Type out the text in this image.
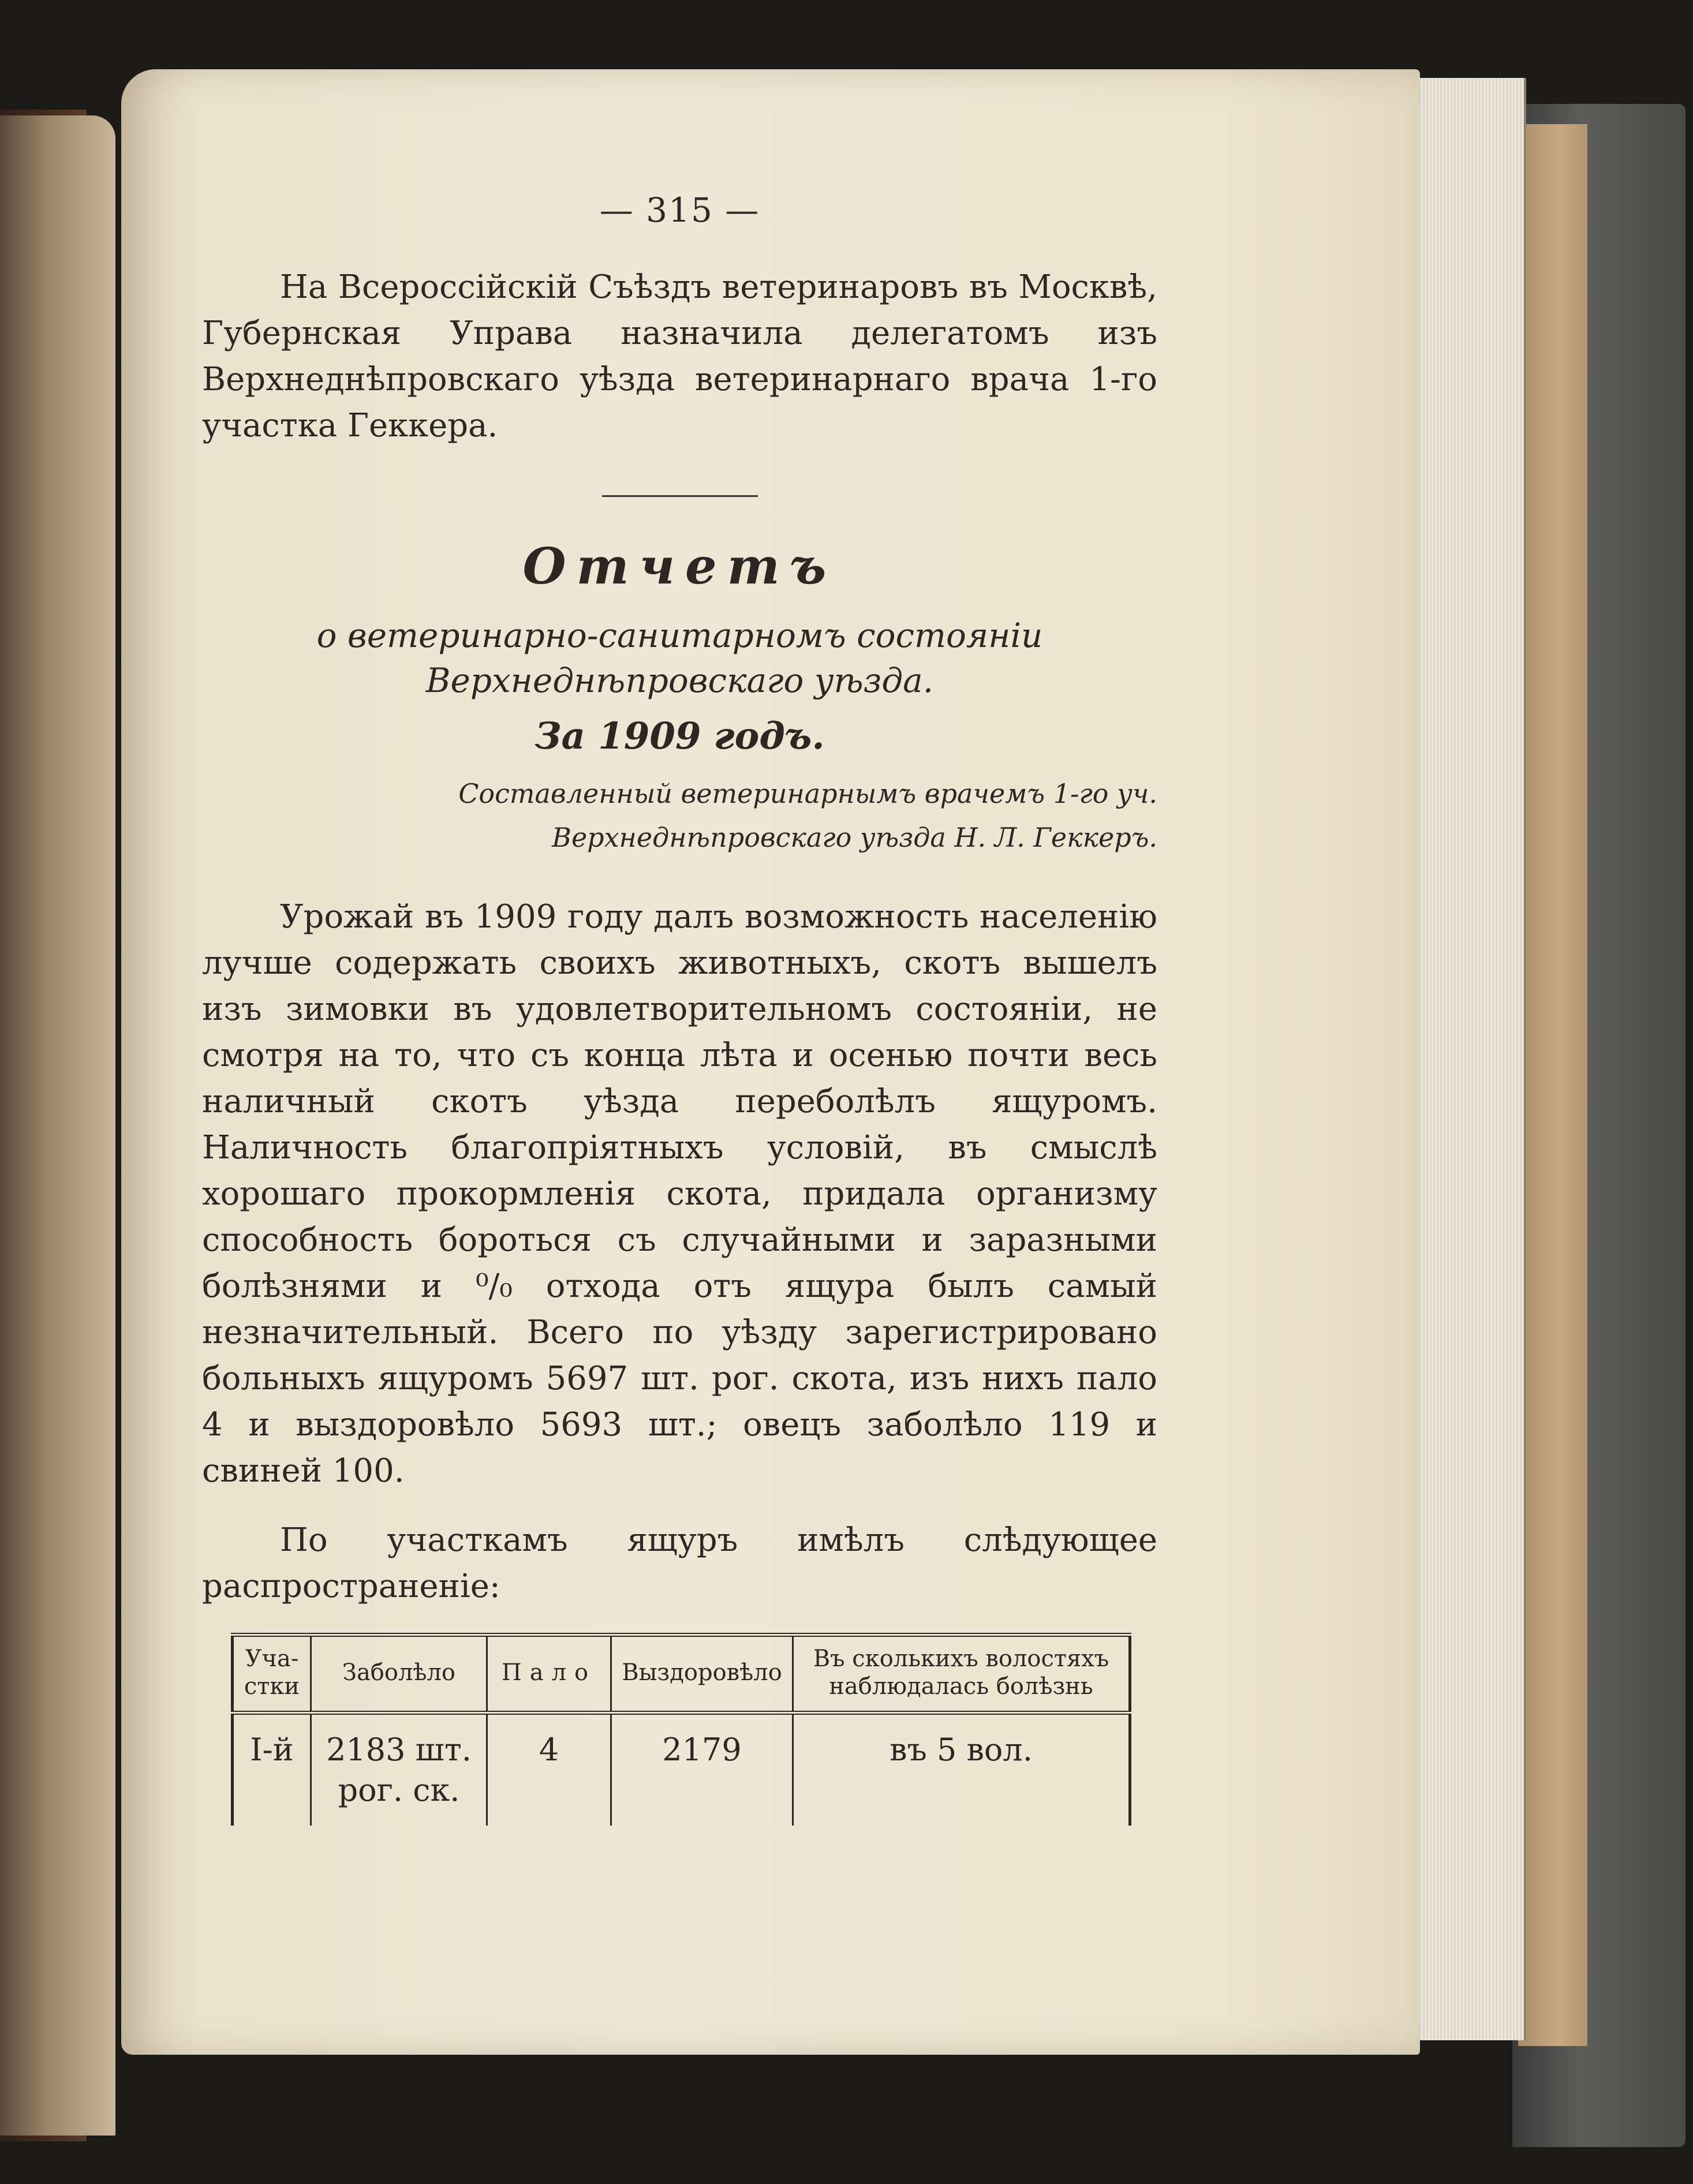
— 315 —

На Всероссійскій Съѣздъ ветеринаровъ въ Москвѣ, Губернская Управа назначила делегатомъ изъ Верхнеднѣпровскаго уѣзда ветеринарнаго врача 1-го участка Геккера.

Отчетъ
о ветеринарно-санитарномъ состояніи Верхнеднѣпровскаго уѣзда.
За 1909 годъ.
Составленный ветеринарнымъ врачемъ 1-го уч.
Верхнеднѣпровскаго уѣзда Н. Л. Геккеръ.

Урожай въ 1909 году далъ возможность населенію лучше содержать своихъ животныхъ, скотъ вышелъ изъ зимовки въ удовлетворительномъ состояніи, не смотря на то, что съ конца лѣта и осенью почти весь наличный скотъ уѣзда переболѣлъ ящуромъ. Наличность благопріятныхъ условій, въ смыслѣ хорошаго прокормленія скота, придала организму способность бороться съ случайными и заразными болѣзнями и ⁰/₀ отхода отъ ящура былъ самый незначительный. Всего по уѣзду зарегистрировано больныхъ ящуромъ 5697 шт. рог. скота, изъ нихъ пало 4 и выздоровѣло 5693 шт.; овецъ заболѣло 119 и свиней 100.

По участкамъ ящуръ имѣлъ слѣдующее распространеніе:

Уча-стки	Заболѣло	Пало	Выздоровѣло	Въ сколькихъ волостяхъ наблюдалась болѣзнь
I-й	2183 шт. рог. ск.	4	2179	въ 5 вол.
